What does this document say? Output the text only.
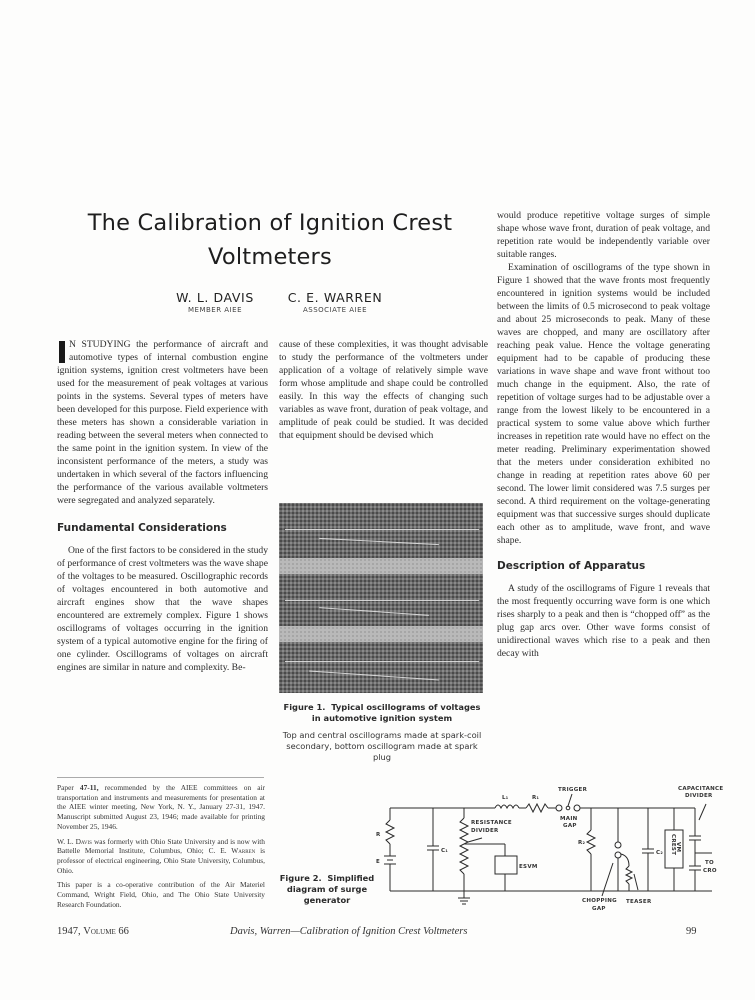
The Calibration of Ignition Crest
Voltmeters
W. L. DAVIS
MEMBER AIEE
C. E. WARREN
ASSOCIATE AIEE

N STUDYING the performance of aircraft and automotive types of internal combustion engine ignition systems, ignition crest voltmeters have been used for the measurement of peak voltages at various points in the systems. Several types of meters have been developed for this purpose. Field experience with these meters has shown a considerable variation in reading between the several meters when connected to the same point in the ignition system. In view of the inconsistent performance of the meters, a study was undertaken in which several of the factors influencing the performance of the various available voltmeters were segregated and analyzed separately.

Fundamental Considerations

One of the first factors to be considered in the study of performance of crest voltmeters was the wave shape of the voltages to be measured. Oscillographic records of voltages encountered in both automotive and aircraft engines show that the wave shapes encountered are extremely complex. Figure 1 shows oscillograms of voltages occurring in the ignition system of a typical automotive engine for the firing of one cylinder. Oscillograms of voltages on aircraft engines are similar in nature and complexity. Be-

cause of these complexities, it was thought advisable to study the performance of the voltmeters under application of a voltage of relatively simple wave form whose amplitude and shape could be controlled easily. In this way the effects of changing such variables as wave front, duration of peak voltage, and amplitude of peak could be studied. It was decided that equipment should be devised which

Figure 1. Typical oscillograms of voltages in automotive ignition system
Top and central oscillograms made at spark-coil secondary, bottom oscillogram made at spark plug

would produce repetitive voltage surges of simple shape whose wave front, duration of peak voltage, and repetition rate would be independently variable over suitable ranges.

Examination of oscillograms of the type shown in Figure 1 showed that the wave fronts most frequently encountered in ignition systems would be included between the limits of 0.5 microsecond to peak voltage and about 25 microseconds to peak. Many of these waves are chopped, and many are oscillatory after reaching peak value. Hence the voltage generating equipment had to be capable of producing these variations in wave shape and wave front without too much change in the equipment. Also, the rate of repetition of voltage surges had to be adjustable over a range from the lowest likely to be encountered in a practical system to some value above which further increases in repetition rate would have no effect on the meter reading. Preliminary experimentation showed that the meters under consideration exhibited no change in reading at repetition rates above 60 per second. The lower limit considered was 7.5 surges per second. A third requirement on the voltage-generating equipment was that successive surges should duplicate each other as to amplitude, wave front, and wave shape.

Description of Apparatus

A study of the oscillograms of Figure 1 reveals that the most frequently occurring wave form is one which rises sharply to a peak and then is “chopped off” as the plug gap arcs over. Other wave forms consist of unidirectional waves which rise to a peak and then decay with

Paper 47-11, recommended by the AIEE committees on air transportation and instruments and measurements for presentation at the AIEE winter meeting, New York, N. Y., January 27-31, 1947. Manuscript submitted August 23, 1946; made available for printing November 25, 1946.

W. L. Davis was formerly with Ohio State University and is now with Battelle Memorial Institute, Columbus, Ohio; C. E. Warren is professor of electrical engineering, Ohio State University, Columbus, Ohio.

This paper is a co-operative contribution of the Air Materiel Command, Wright Field, Ohio, and The Ohio State University Research Foundation.

Figure 2. Simplified diagram of surge generator
TRIGGER	CAPACITANCE
DIVIDER
L₁	R₁
MAIN
GAP
RESISTANCE
DIVIDER
R
E
C₁
ESVM
R₂
C₂ CREST VM
TO
CRO
CHOPPING
GAP
TEASER
1947, Volume 66	Davis, Warren—Calibration of Ignition Crest Voltmeters	99
